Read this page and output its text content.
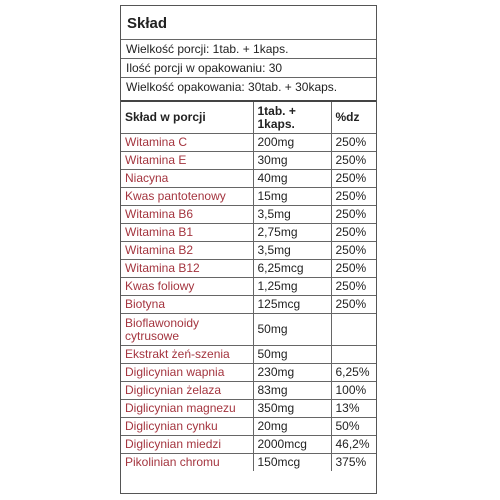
Skład
Wielkość porcji: 1tab. + 1kaps.
Ilość porcji w opakowaniu: 30
Wielkość opakowania: 30tab. + 30kaps.
Skład w porcji	1tab. + 1kaps.	%dz
Witamina C	200mg	250%
Witamina E	30mg	250%
Niacyna	40mg	250%
Kwas pantotenowy	15mg	250%
Witamina B6	3,5mg	250%
Witamina B1	2,75mg	250%
Witamina B2	3,5mg	250%
Witamina B12	6,25mcg	250%
Kwas foliowy	1,25mg	250%
Biotyna	125mcg	250%
Bioflawonoidy cytrusowe	50mg	
Ekstrakt żeń-szenia	50mg	
Diglicynian wapnia	230mg	6,25%
Diglicynian żelaza	83mg	100%
Diglicynian magnezu	350mg	13%
Diglicynian cynku	20mg	50%
Diglicynian miedzi	2000mcg	46,2%
Pikolinian chromu	150mcg	375%
